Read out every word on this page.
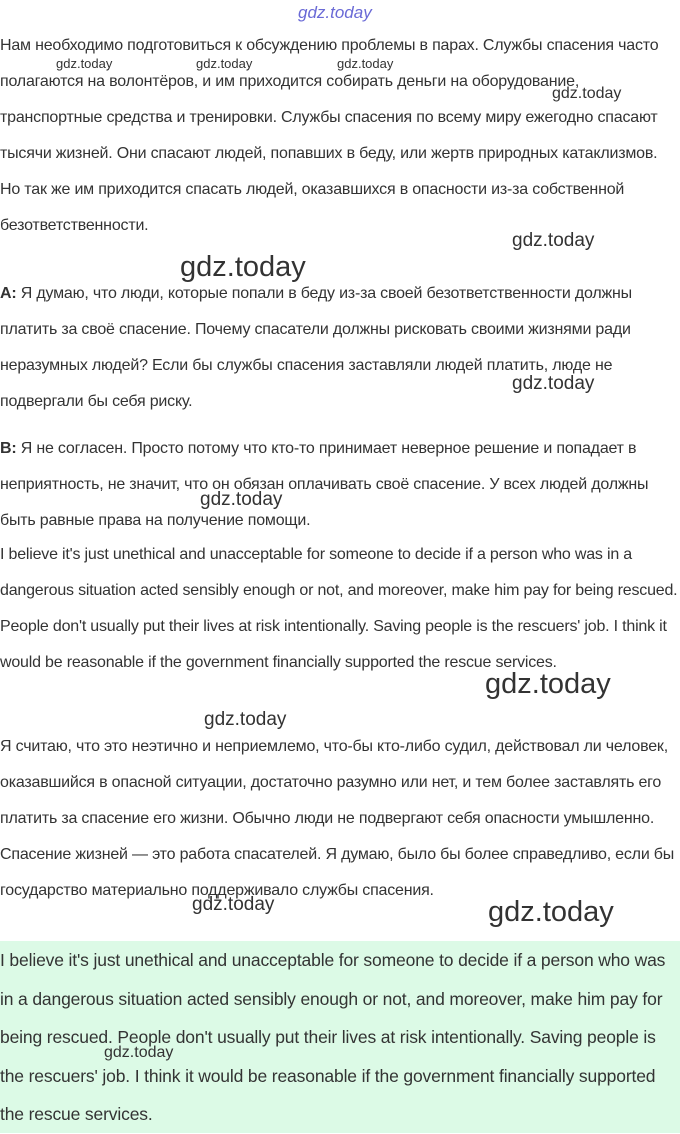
Нам необходимо подготовиться к обсуждению проблемы в парах. Службы спасения часто полагаются на волонтёров, и им приходится собирать деньги на оборудование, транспортные средства и тренировки. Службы спасения по всему миру ежегодно спасают тысячи жизней. Они спасают людей, попавших в беду, или жертв природных катаклизмов. Но так же им приходится спасать людей, оказавшихся в опасности из-за собственной безответственности.

A: Я думаю, что люди, которые попали в беду из-за своей безответственности должны платить за своё спасение. Почему спасатели должны рисковать своими жизнями ради неразумных людей? Если бы службы спасения заставляли людей платить, люде не подвергали бы себя риску.

B: Я не согласен. Просто потому что кто-то принимает неверное решение и попадает в неприятность, не значит, что он обязан оплачивать своё спасение. У всех людей должны быть равные права на получение помощи.

I believe it's just unethical and unacceptable for someone to decide if a person who was in a dangerous situation acted sensibly enough or not, and moreover, make him pay for being rescued. People don't usually put their lives at risk intentionally. Saving people is the rescuers' job. I think it would be reasonable if the government financially supported the rescue services.

Я считаю, что это неэтично и неприемлемо, что-бы кто-либо судил, действовал ли человек, оказавшийся в опасной ситуации, достаточно разумно или нет, и тем более заставлять его платить за спасение его жизни. Обычно люди не подвергают себя опасности умышленно. Спасение жизней — это работа спасателей. Я думаю, было бы более справедливо, если бы государство материально поддерживало службы спасения.

I believe it's just unethical and unacceptable for someone to decide if a person who was in a dangerous situation acted sensibly enough or not, and moreover, make him pay for being rescued. People don't usually put their lives at risk intentionally. Saving people is the rescuers' job. I think it would be reasonable if the government financially supported the rescue services.

gdz.today
gdz.today	gdz.today	gdz.today
gdz.today
gdz.today
gdz.today
gdz.today
gdz.today
gdz.today
gdz.today
gdz.today	gdz.today
gdz.today
